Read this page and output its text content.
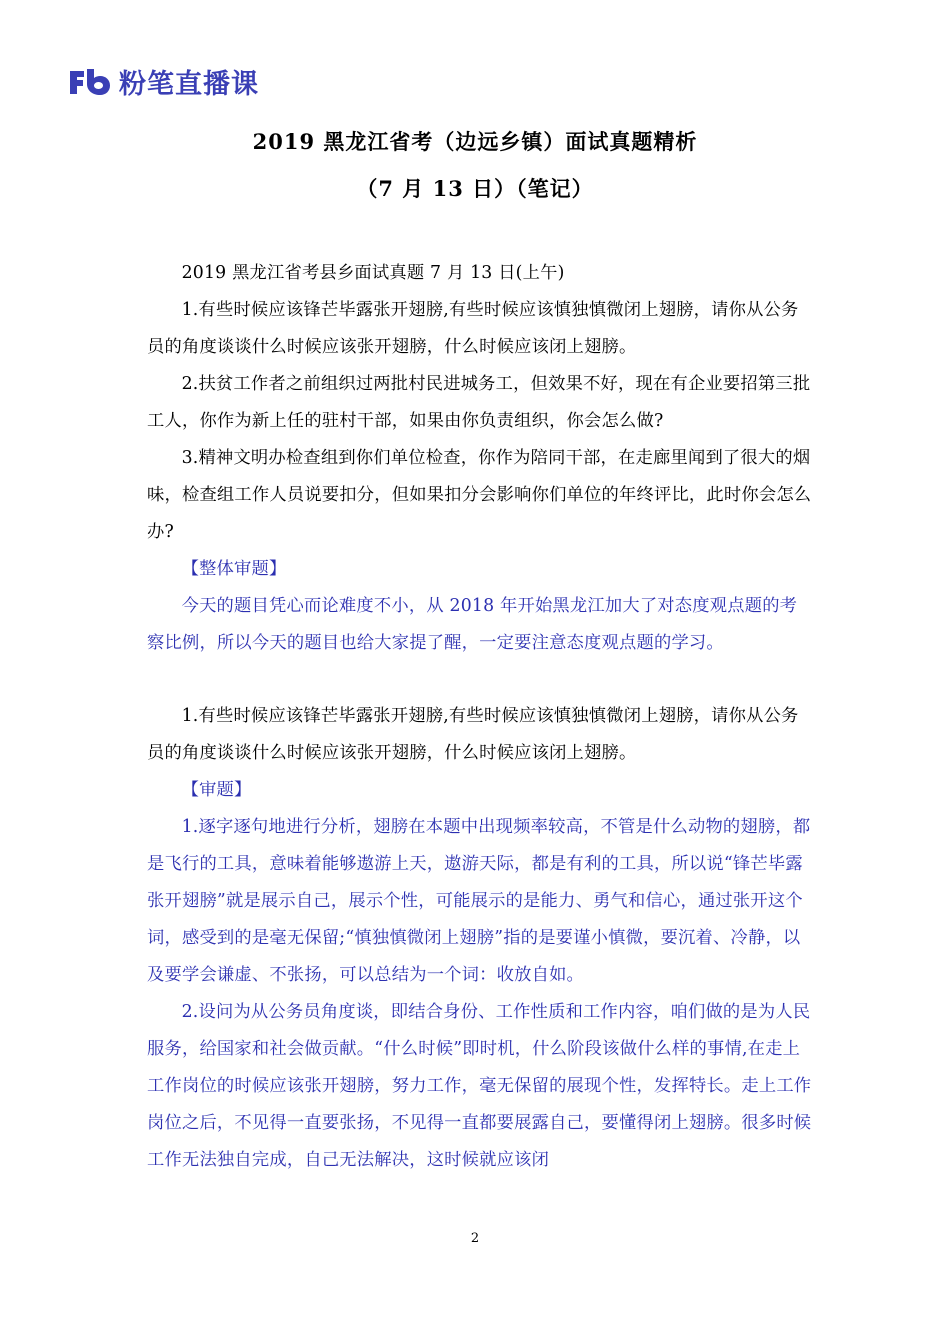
粉笔直播课
2019 黑龙江省考（边远乡镇）面试真题精析
（7 月 13 日）（笔记）

2019 黑龙江省考县乡面试真题 7 月 13 日(上午)

1.有些时候应该锋芒毕露张开翅膀,有些时候应该慎独慎微闭上翅膀，请你从公务员的角度谈谈什么时候应该张开翅膀，什么时候应该闭上翅膀。

2.扶贫工作者之前组织过两批村民进城务工，但效果不好，现在有企业要招第三批工人，你作为新上任的驻村干部，如果由你负责组织，你会怎么做?

3.精神文明办检查组到你们单位检查，你作为陪同干部，在走廊里闻到了很大的烟味，检查组工作人员说要扣分，但如果扣分会影响你们单位的年终评比，此时你会怎么办?

【整体审题】

今天的题目凭心而论难度不小，从 2018 年开始黑龙江加大了对态度观点题的考察比例，所以今天的题目也给大家提了醒，一定要注意态度观点题的学习。

1.有些时候应该锋芒毕露张开翅膀,有些时候应该慎独慎微闭上翅膀，请你从公务员的角度谈谈什么时候应该张开翅膀，什么时候应该闭上翅膀。

【审题】

1.逐字逐句地进行分析，翅膀在本题中出现频率较高，不管是什么动物的翅膀，都是飞行的工具，意味着能够遨游上天，遨游天际，都是有利的工具，所以说“锋芒毕露张开翅膀”就是展示自己，展示个性，可能展示的是能力、勇气和信心，通过张开这个词，感受到的是毫无保留;“慎独慎微闭上翅膀”指的是要谨小慎微，要沉着、冷静，以及要学会谦虚、不张扬，可以总结为一个词：收放自如。

2.设问为从公务员角度谈，即结合身份、工作性质和工作内容，咱们做的是为人民服务，给国家和社会做贡献。“什么时候”即时机，什么阶段该做什么样的事情,在走上工作岗位的时候应该张开翅膀，努力工作，毫无保留的展现个性，发挥特长。走上工作岗位之后，不见得一直要张扬，不见得一直都要展露自己，要懂得闭上翅膀。很多时候工作无法独自完成，自己无法解决，这时候就应该闭

2
